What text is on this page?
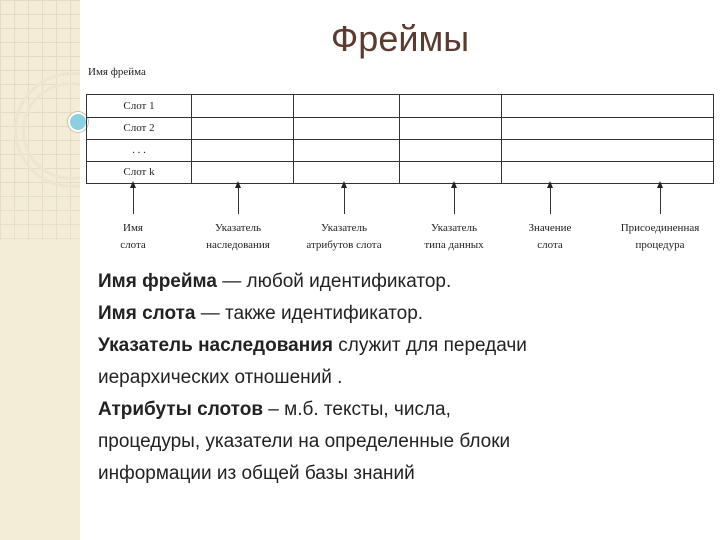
Фреймы
Имя фрейма
Слот 1
Слот 2
. . .
Слот k
Имя
слота
Указатель
наследования
Указатель
атрибутов слота
Указатель
типа данных
Значение
слота
Присоединенная
процедура

Имя фрейма — любой идентификатор.

Имя слота — также идентификатор.

Указатель наследования служит для передачи
иерархических отношений .

Атрибуты слотов – м.б. тексты, числа,
процедуры, указатели на определенные блоки
информации из общей базы знаний
